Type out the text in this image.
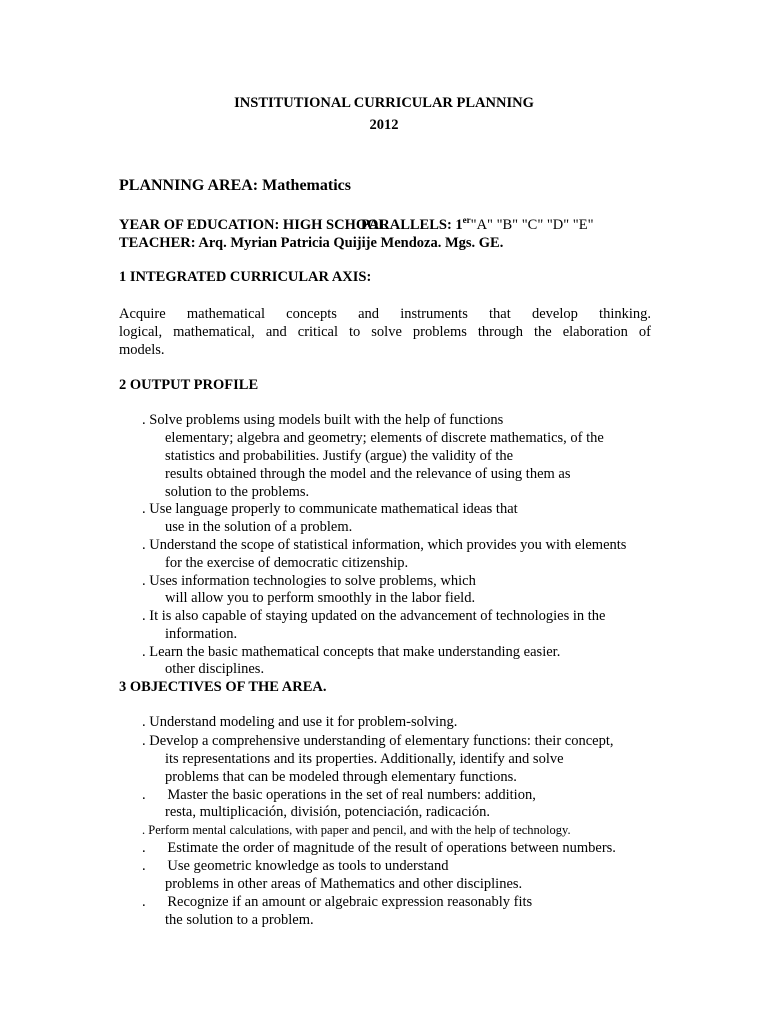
INSTITUTIONAL CURRICULAR PLANNING
2012
PLANNING AREA: Mathematics
YEAR OF EDUCATION: HIGH SCHOOL
PARALLELS: 1er"A" "B" "C" "D" "E"
TEACHER: Arq. Myrian Patricia Quijije Mendoza. Mgs. GE.
1 INTEGRATED CURRICULAR AXIS:
Acquire mathematical concepts and instruments that develop thinking.
logical, mathematical, and critical to solve problems through the elaboration of
models.
2 OUTPUT PROFILE
. Solve problems using models built with the help of functions
elementary; algebra and geometry; elements of discrete mathematics, of the
statistics and probabilities. Justify (argue) the validity of the
results obtained through the model and the relevance of using them as
solution to the problems.
. Use language properly to communicate mathematical ideas that
use in the solution of a problem.
. Understand the scope of statistical information, which provides you with elements
for the exercise of democratic citizenship.
. Uses information technologies to solve problems, which
will allow you to perform smoothly in the labor field.
. It is also capable of staying updated on the advancement of technologies in the
information.
. Learn the basic mathematical concepts that make understanding easier.
other disciplines.
3 OBJECTIVES OF THE AREA.
. Understand modeling and use it for problem-solving.
. Develop a comprehensive understanding of elementary functions: their concept,
its representations and its properties. Additionally, identify and solve
problems that can be modeled through elementary functions.
.      Master the basic operations in the set of real numbers: addition,
resta, multiplicación, división, potenciación, radicación.
. Perform mental calculations, with paper and pencil, and with the help of technology.
.      Estimate the order of magnitude of the result of operations between numbers.
.      Use geometric knowledge as tools to understand
problems in other areas of Mathematics and other disciplines.
.      Recognize if an amount or algebraic expression reasonably fits
the solution to a problem.
